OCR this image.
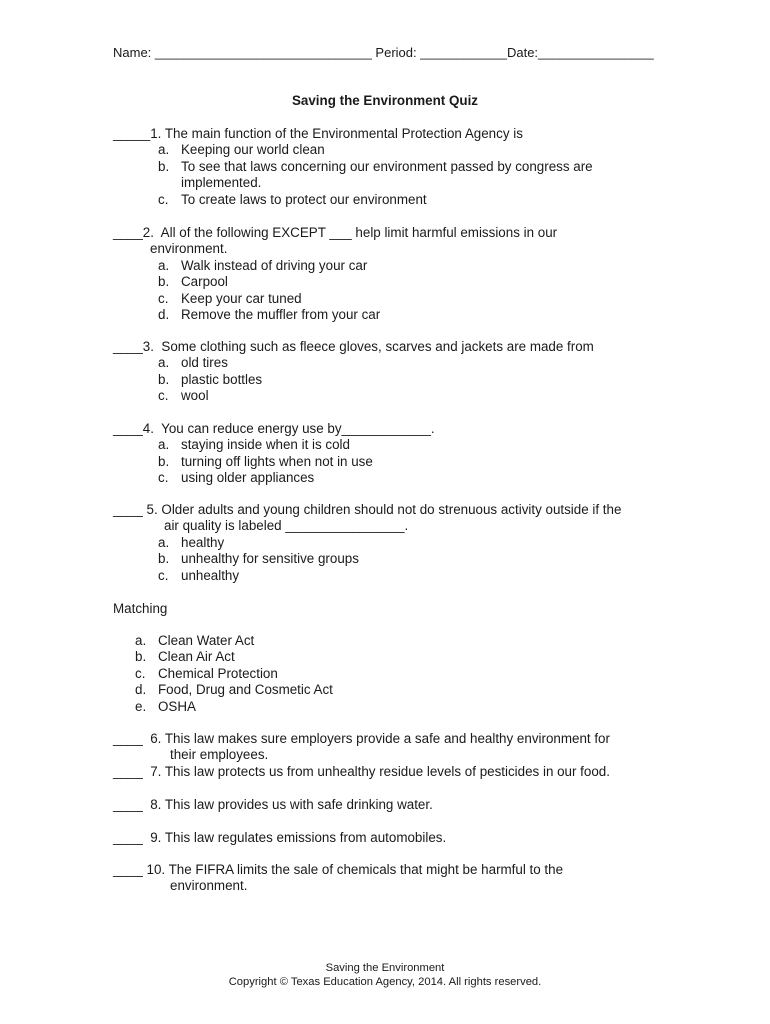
Name: ______________________________ Period: ____________Date:________________
Saving the Environment Quiz
_____1. The main function of the Environmental Protection Agency is
a. Keeping our world clean
b. To see that laws concerning our environment passed by congress are
implemented.
c. To create laws to protect our environment
____2.  All of the following EXCEPT ___ help limit harmful emissions in our
environment.
a. Walk instead of driving your car
b. Carpool
c. Keep your car tuned
d. Remove the muffler from your car
____3.  Some clothing such as fleece gloves, scarves and jackets are made from
a. old tires
b. plastic bottles
c. wool
____4.  You can reduce energy use by____________.
a. staying inside when it is cold
b. turning off lights when not in use
c. using older appliances
____ 5. Older adults and young children should not do strenuous activity outside if the
air quality is labeled ________________.
a. healthy
b. unhealthy for sensitive groups
c. unhealthy
Matching
a. Clean Water Act
b. Clean Air Act
c. Chemical Protection
d. Food, Drug and Cosmetic Act
e. OSHA
____  6. This law makes sure employers provide a safe and healthy environment for
their employees.
____  7. This law protects us from unhealthy residue levels of pesticides in our food.
____  8. This law provides us with safe drinking water.
____  9. This law regulates emissions from automobiles.
____ 10. The FIFRA limits the sale of chemicals that might be harmful to the
environment.
Saving the Environment
Copyright © Texas Education Agency, 2014. All rights reserved.
